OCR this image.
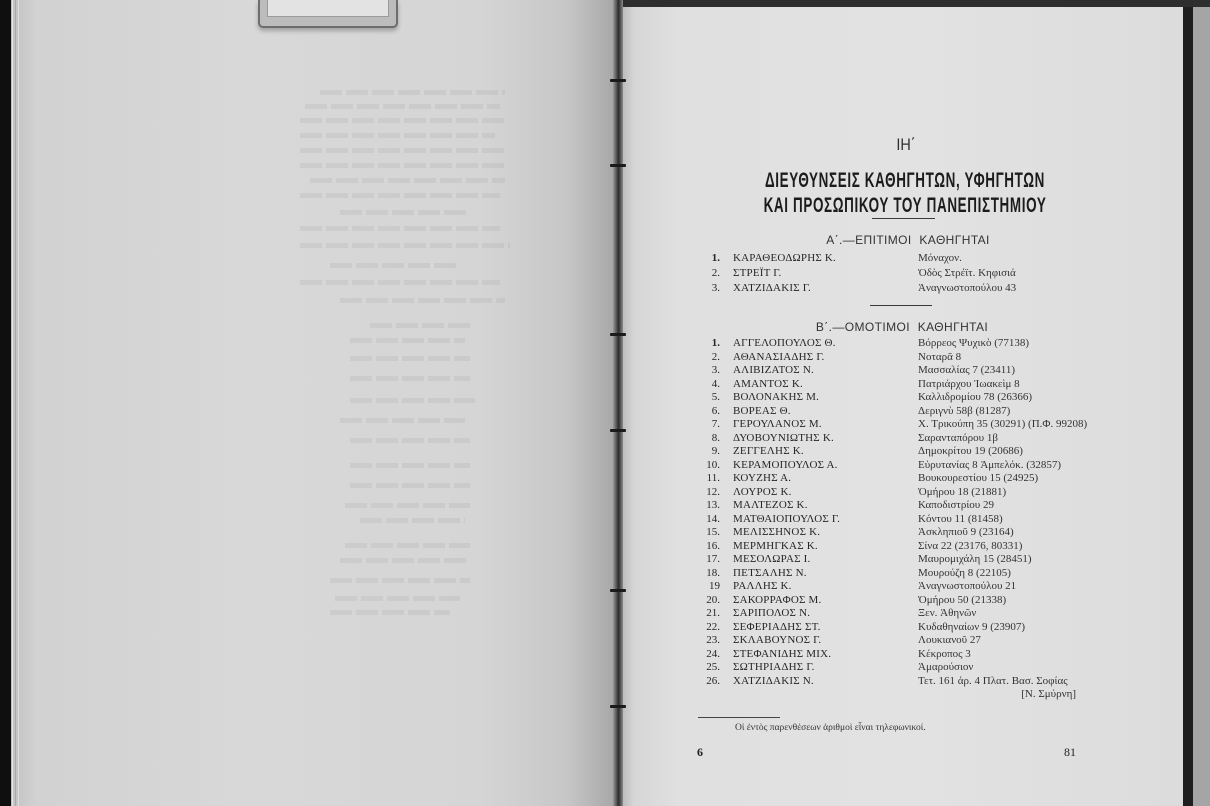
ΙΗ΄
ΔΙΕΥΘΥΝΣΕΙΣ ΚΑΘΗΓΗΤΩΝ, ΥΦΗΓΗΤΩΝ
ΚΑΙ ΠΡΟΣΩΠΙΚΟΥ ΤΟΥ ΠΑΝΕΠΙΣΤΗΜΙΟΥ
Α΄.—ΕΠΙΤΙΜΟΙ ΚΑΘΗΓΗΤΑΙ
1. ΚΑΡΑΘΕΟΔΩΡΗΣ Κ.	Μόναχον.
2. ΣΤΡΕΪΤ Γ.	Ὁδὸς Στρέϊτ. Κηφισιά
3. ΧΑΤΖΙΔΑΚΙΣ Γ.	Ἀναγνωστοπούλου 43
Β΄.—ΟΜΟΤΙΜΟΙ ΚΑΘΗΓΗΤΑΙ
1. ΑΓΓΕΛΟΠΟΥΛΟΣ Θ.	Βόρρεος Ψυχικὸ (77138)
2. ΑΘΑΝΑΣΙΑΔΗΣ Γ.	Νοταρᾶ 8
3. ΑΛΙΒΙΖΑΤΟΣ Ν.	Μασσαλίας 7 (23411)
4. ΑΜΑΝΤΟΣ Κ.	Πατριάρχου Ἰωακεὶμ 8
5. ΒΟΛΟΝΑΚΗΣ Μ.	Καλλιδρομίου 78 (26366)
6. ΒΟΡΕΑΣ Θ.	Δεριγνὺ 58β (81287)
7. ΓΕΡΟΥΛΑΝΟΣ Μ.	Χ. Τρικούπη 35 (30291) (Π.Φ. 99208)
8. ΔΥΟΒΟΥΝΙΩΤΗΣ Κ.	Σαρανταπόρου 1β
9. ΖΕΓΓΕΛΗΣ Κ.	Δημοκρίτου 19 (20686)
10. ΚΕΡΑΜΟΠΟΥΛΟΣ Α.	Εὐρυτανίας 8 Ἀμπελόκ. (32857)
11. ΚΟΥΖΗΣ Α.	Βουκουρεστίου 15 (24925)
12. ΛΟΥΡΟΣ Κ.	Ὁμήρου 18 (21881)
13. ΜΑΛΤΕΖΟΣ Κ.	Καποδιστρίου 29
14. ΜΑΤΘΑΙΟΠΟΥΛΟΣ Γ.	Κόντου 11 (81458)
15. ΜΕΛΙΣΣΗΝΟΣ Κ.	Ἀσκληπιοῦ 9 (23164)
16. ΜΕΡΜΗΓΚΑΣ Κ.	Σίνα 22 (23176, 80331)
17. ΜΕΣΟΛΩΡΑΣ Ι.	Μαυρομιχάλη 15 (28451)
18. ΠΕΤΣΑΛΗΣ Ν.	Μουρούζη 8 (22105)
19 ΡΑΛΛΗΣ Κ.	Ἀναγνωστοπούλου 21
20. ΣΑΚΟΡΡΑΦΟΣ Μ.	Ὁμήρου 50 (21338)
21. ΣΑΡΙΠΟΛΟΣ Ν.	Ξεν. Ἀθηνῶν
22. ΣΕΦΕΡΙΑΔΗΣ ΣΤ.	Κυδαθηναίων 9 (23907)
23. ΣΚΛΑΒΟΥΝΟΣ Γ.	Λουκιανοῦ 27
24. ΣΤΕΦΑΝΙΔΗΣ ΜΙΧ.	Κέκροπος 3
25. ΣΩΤΗΡΙΑΔΗΣ Γ.	Ἀμαρούσιον
26. ΧΑΤΖΙΔΑΚΙΣ Ν.	Τετ. 161 ἀρ. 4 Πλατ. Βασ. Σοφίας
[Ν. Σμύρνη]
Οἱ ἐντὸς παρενθέσεων ἀριθμοὶ εἶναι τηλεφωνικοί.
6	81
